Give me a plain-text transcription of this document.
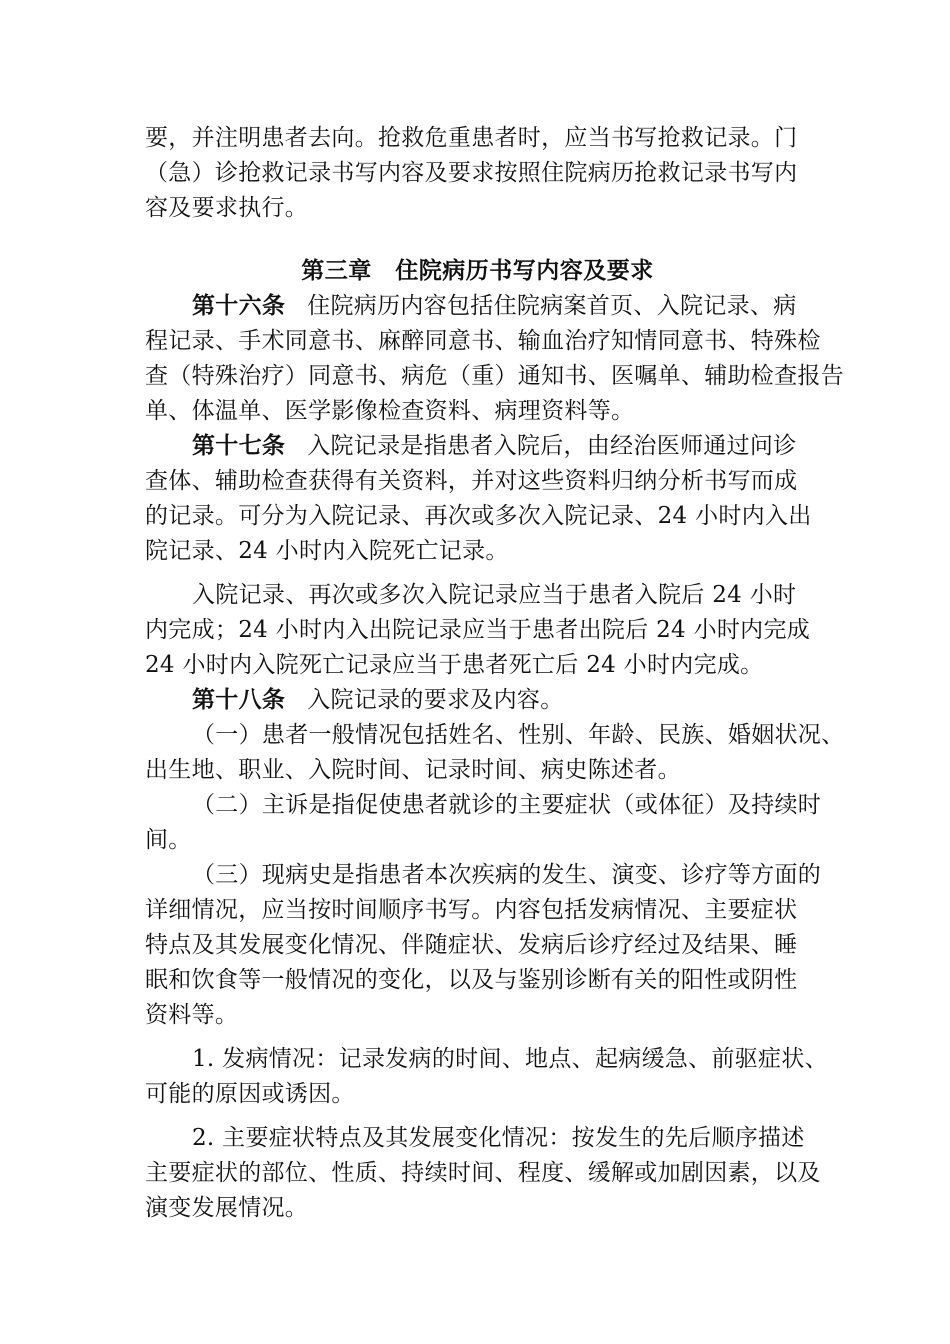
要，并注明患者去向。抢救危重患者时，应当书写抢救记录。门
（急）诊抢救记录书写内容及要求按照住院病历抢救记录书写内
容及要求执行。
第三章　住院病历书写内容及要求
第十六条 住院病历内容包括住院病案首页、入院记录、病
程记录、手术同意书、麻醉同意书、输血治疗知情同意书、特殊检
查（特殊治疗）同意书、病危（重）通知书、医嘱单、辅助检查报告
单、体温单、医学影像检查资料、病理资料等。
第十七条 入院记录是指患者入院后，由经治医师通过问诊
查体、辅助检查获得有关资料，并对这些资料归纳分析书写而成
的记录。可分为入院记录、再次或多次入院记录、24 小时内入出
院记录、24 小时内入院死亡记录。
入院记录、再次或多次入院记录应当于患者入院后 24 小时
内完成；24 小时内入出院记录应当于患者出院后 24 小时内完成
24 小时内入院死亡记录应当于患者死亡后 24 小时内完成。
第十八条 入院记录的要求及内容。
（一）患者一般情况包括姓名、性别、年龄、民族、婚姻状况、
出生地、职业、入院时间、记录时间、病史陈述者。
（二）主诉是指促使患者就诊的主要症状（或体征）及持续时
间。
（三）现病史是指患者本次疾病的发生、演变、诊疗等方面的
详细情况，应当按时间顺序书写。内容包括发病情况、主要症状
特点及其发展变化情况、伴随症状、发病后诊疗经过及结果、睡
眠和饮食等一般情况的变化，以及与鉴别诊断有关的阳性或阴性
资料等。
1. 发病情况：记录发病的时间、地点、起病缓急、前驱症状、
可能的原因或诱因。
2. 主要症状特点及其发展变化情况：按发生的先后顺序描述
主要症状的部位、性质、持续时间、程度、缓解或加剧因素，以及
演变发展情况。
